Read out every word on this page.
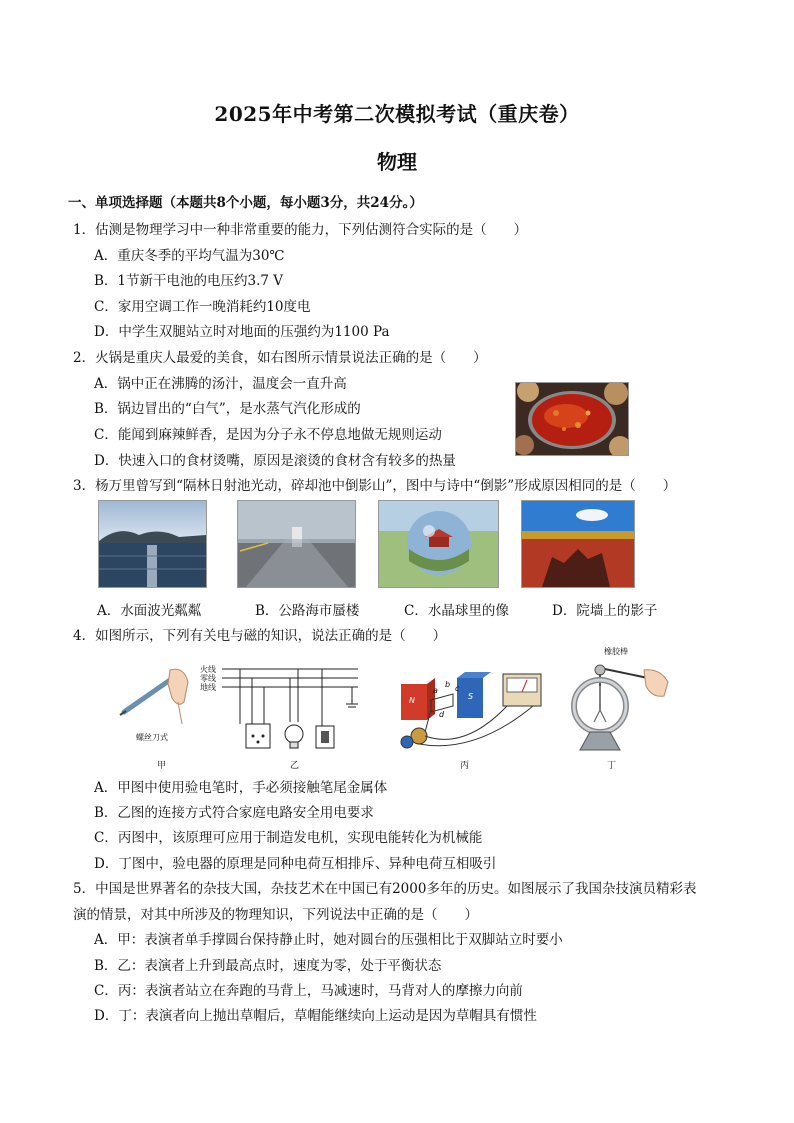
2025年中考第二次模拟考试（重庆卷）
物理
一、单项选择题（本题共8个小题，每小题3分，共24分。）
1．估测是物理学习中一种非常重要的能力，下列估测符合实际的是（　　）
A．重庆冬季的平均气温为30℃
B．1节新干电池的电压约3.7 V
C．家用空调工作一晚消耗约10度电
D．中学生双腿站立时对地面的压强约为1100 Pa
2．火锅是重庆人最爱的美食，如右图所示情景说法正确的是（　　）
A．锅中正在沸腾的汤汁，温度会一直升高
B．锅边冒出的“白气”，是水蒸气汽化形成的
C．能闻到麻辣鲜香，是因为分子永不停息地做无规则运动
D．快速入口的食材烫嘴，原因是滚烫的食材含有较多的热量
3．杨万里曾写到“隔林日射池光动，碎却池中倒影山”，图中与诗中“倒影”形成原因相同的是（　　）
A．水面波光粼粼	B．公路海市蜃楼	C．水晶球里的像	D．院墙上的影子
4．如图所示，下列有关电与磁的知识，说法正确的是（　　）
螺丝刀式
甲
火线
零线
地线
乙
N	S
a
b c
d
丙
橡胶棒
丁
A．甲图中使用验电笔时，手必须接触笔尾金属体
B．乙图的连接方式符合家庭电路安全用电要求
C．丙图中，该原理可应用于制造发电机，实现电能转化为机械能
D．丁图中，验电器的原理是同种电荷互相排斥、异种电荷互相吸引
5．中国是世界著名的杂技大国，杂技艺术在中国已有2000多年的历史。如图展示了我国杂技演员精彩表
演的情景，对其中所涉及的物理知识，下列说法中正确的是（　　）
A．甲：表演者单手撑圆台保持静止时，她对圆台的压强相比于双脚站立时要小
B．乙：表演者上升到最高点时，速度为零，处于平衡状态
C．丙：表演者站立在奔跑的马背上，马减速时，马背对人的摩擦力向前
D．丁：表演者向上抛出草帽后，草帽能继续向上运动是因为草帽具有惯性
